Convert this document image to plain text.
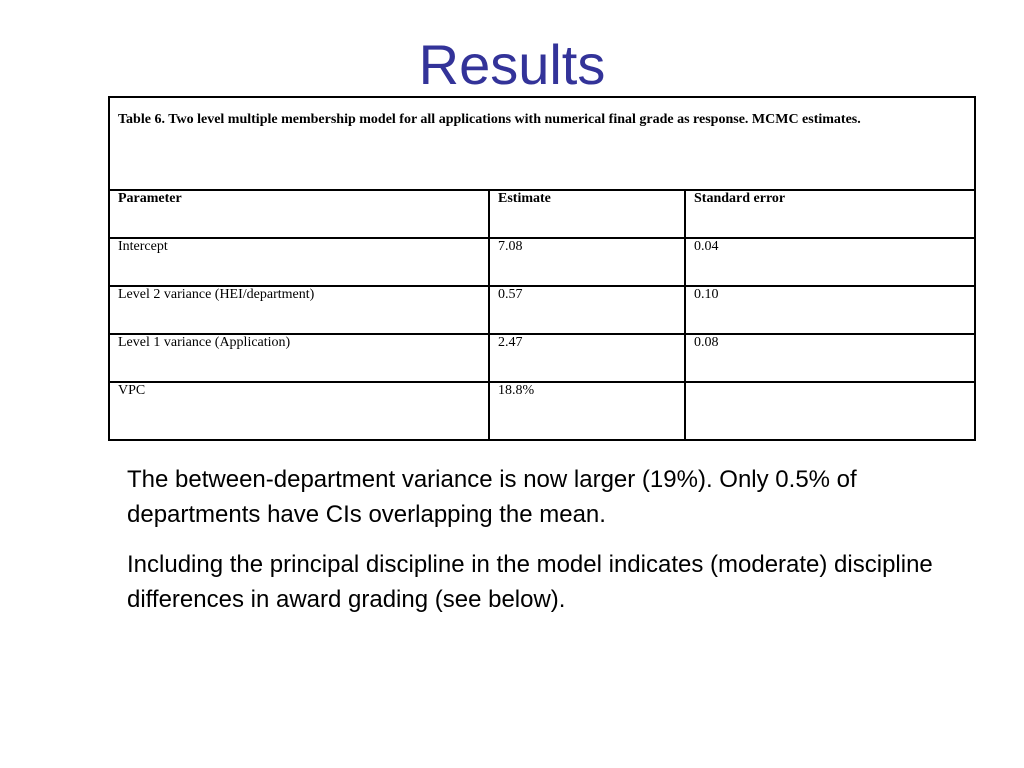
Results
Table 6. Two level multiple membership model for all applications with numerical final grade as response. MCMC estimates.		

Parameter	Estimate	Standard error
Intercept	7.08	0.04
Level 2 variance (HEI/department)	0.57	0.10
Level 1 variance (Application)	2.47	0.08
VPC	18.8%	

The between-department variance is now larger (19%). Only 0.5% of departments have CIs overlapping the mean.

Including the principal discipline in the model indicates (moderate) discipline differences in award grading (see below).
